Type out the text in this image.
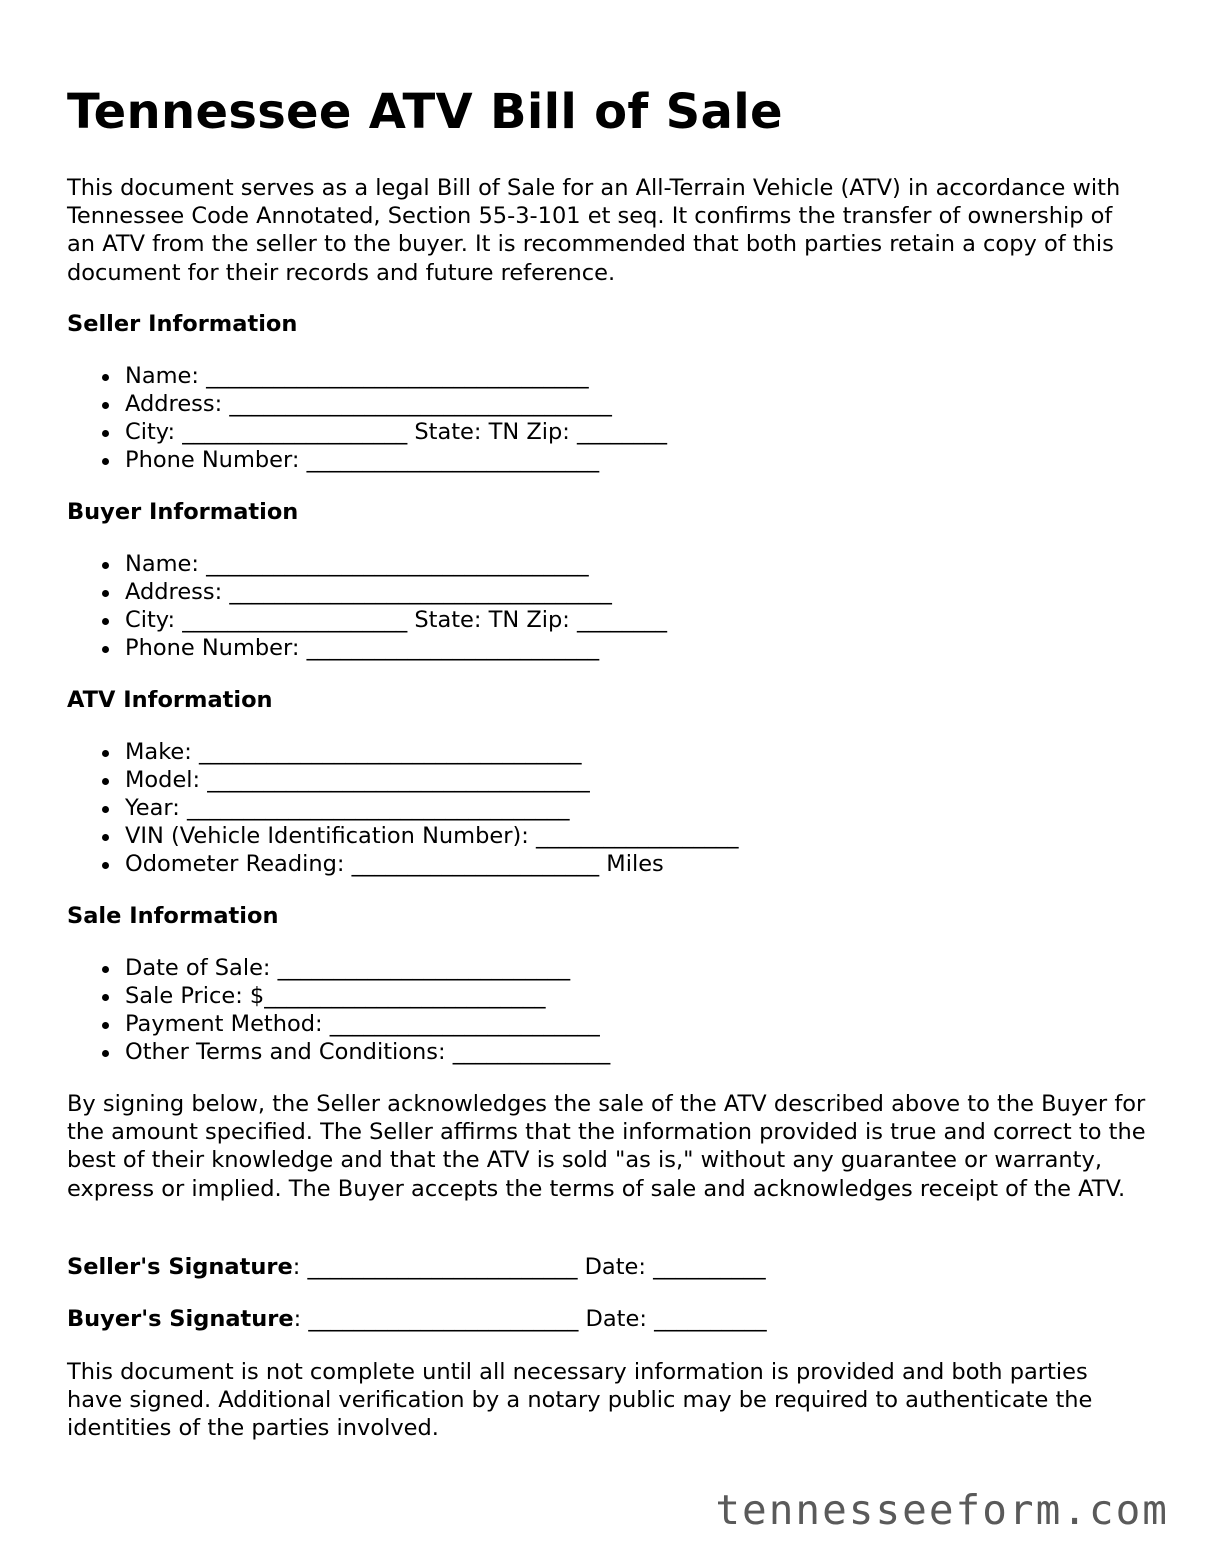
Tennessee ATV Bill of Sale

This document serves as a legal Bill of Sale for an All-Terrain Vehicle (ATV) in accordance with Tennessee Code Annotated, Section 55-3-101 et seq. It confirms the transfer of ownership of an ATV from the seller to the buyer. It is recommended that both parties retain a copy of this document for their records and future reference.

Seller Information
Name: __________________________________
Address: __________________________________
City: ____________________ State: TN Zip: ________
Phone Number: __________________________
Buyer Information
Name: __________________________________
Address: __________________________________
City: ____________________ State: TN Zip: ________
Phone Number: __________________________
ATV Information
Make: __________________________________
Model: __________________________________
Year: __________________________________
VIN (Vehicle Identification Number): __________________
Odometer Reading: ______________________ Miles
Sale Information
Date of Sale: __________________________
Sale Price: $_________________________
Payment Method: ________________________
Other Terms and Conditions: ______________

By signing below, the Seller acknowledges the sale of the ATV described above to the Buyer for the amount specified. The Seller affirms that the information provided is true and correct to the best of their knowledge and that the ATV is sold "as is," without any guarantee or warranty, express or implied. The Buyer accepts the terms of sale and acknowledges receipt of the ATV.

Seller's Signature: ________________________ Date: __________

Buyer's Signature: ________________________ Date: __________

This document is not complete until all necessary information is provided and both parties have signed. Additional verification by a notary public may be required to authenticate the identities of the parties involved.

tennesseeform.com
